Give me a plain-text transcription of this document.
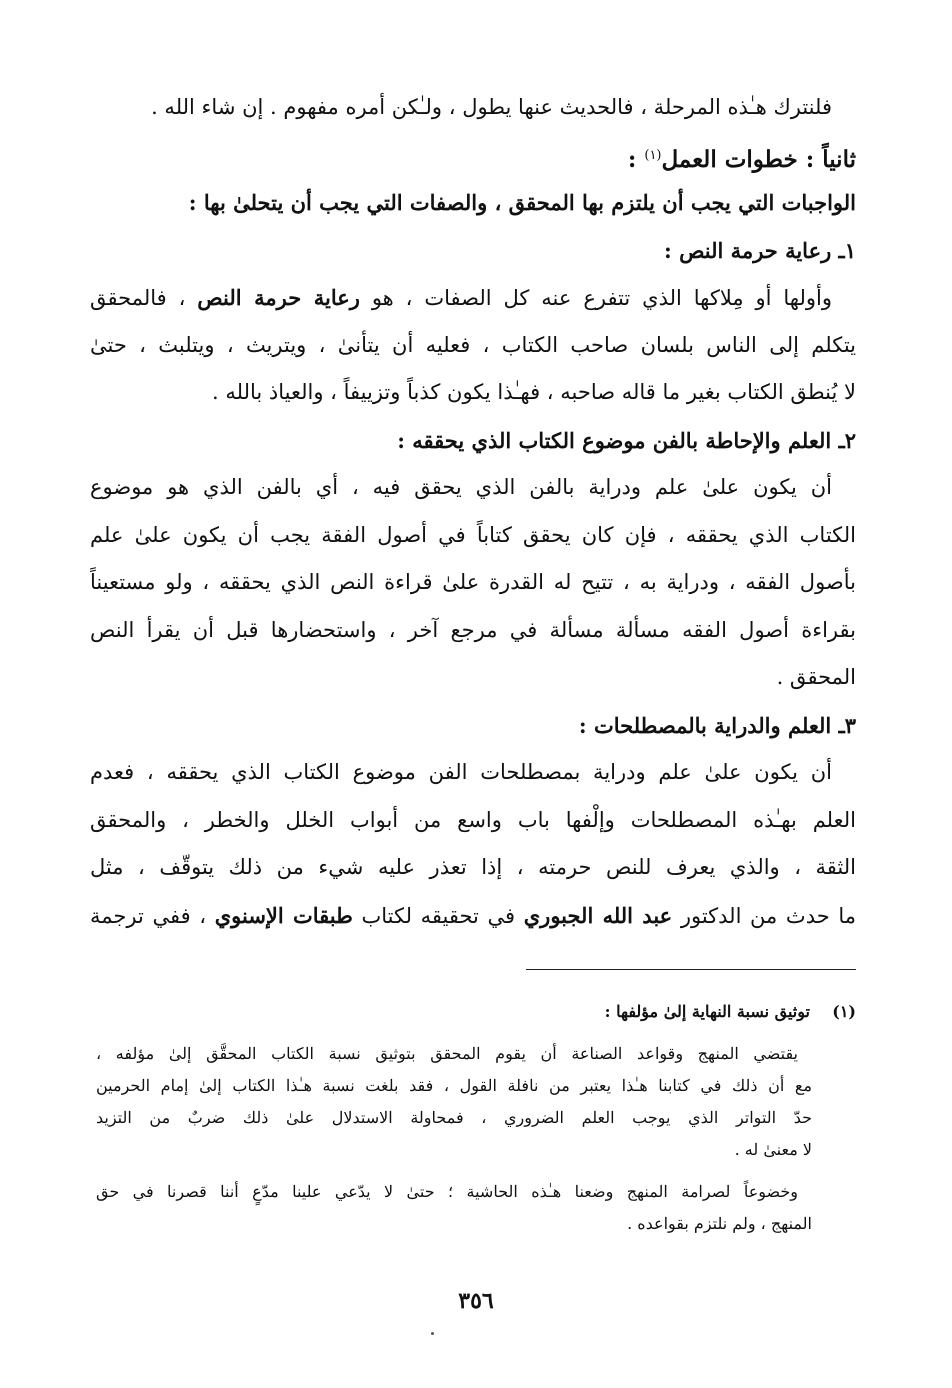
فلنترك هـٰذه المرحلة ، فالحديث عنها يطول ، ولـٰكن أمره مفهوم . إن شاء الله .
ثانياً : خطوات العمل$^{(١)}$ :
الواجبات التي يجب أن يلتزم بها المحقق ، والصفات التي يجب أن يتحلىٰ بها :
١ـ رعاية حرمة النص :
وأولها أو مِلاكها الذي تتفرع عنه كل الصفات ، هو رعاية حرمة النص ، فالمحقق
يتكلم إلى الناس بلسان صاحب الكتاب ، فعليه أن يتأنىٰ ، ويتريث ، ويتلبث ، حتىٰ
لا يُنطق الكتاب بغير ما قاله صاحبه ، فهـٰذا يكون كذباً وتزييفاً ، والعياذ بالله .
٢ـ العلم والإحاطة بالفن موضوع الكتاب الذي يحققه :
أن يكون علىٰ علم ودراية بالفن الذي يحقق فيه ، أي بالفن الذي هو موضوع
الكتاب الذي يحققه ، فإن كان يحقق كتاباً في أصول الفقة يجب أن يكون علىٰ علم
بأصول الفقه ، ودراية به ، تتيح له القدرة علىٰ قراءة النص الذي يحققه ، ولو مستعيناً
بقراءة أصول الفقه مسألة مسألة في مرجع آخر ، واستحضارها قبل أن يقرأ النص
المحقق .
٣ـ العلم والدراية بالمصطلحات :
أن يكون علىٰ علم ودراية بمصطلحات الفن موضوع الكتاب الذي يحققه ، فعدم
العلم بهـٰذه المصطلحات وإلْفها باب واسع من أبواب الخلل والخطر ، والمحقق
الثقة ، والذي يعرف للنص حرمته ، إذا تعذر عليه شيء من ذلك يتوقّف ، مثل
ما حدث من الدكتور عبد الله الجبوري في تحقيقه لكتاب طبقات الإسنوي ، ففي ترجمة
(١)    توثيق نسبة النهاية إلىٰ مؤلفها :
يقتضي المنهج وقواعد الصناعة أن يقوم المحقق بتوثيق نسبة الكتاب المحقَّق إلىٰ مؤلفه ،
مع أن ذلك في كتابنا هـٰذا يعتبر من نافلة القول ، فقد بلغت نسبة هـٰذا الكتاب إلىٰ إمام الحرمين
حدّ التواتر الذي يوجب العلم الضروري ، فمحاولة الاستدلال علىٰ ذلك ضربٌ من التزيد
لا معنىٰ له .
وخضوعاً لصرامة المنهج وضعنا هـٰذه الحاشية ؛ حتىٰ لا يدّعي علينا مدّعٍ أننا قصرنا في حق
المنهج ، ولم نلتزم بقواعده .
٣٥٦
